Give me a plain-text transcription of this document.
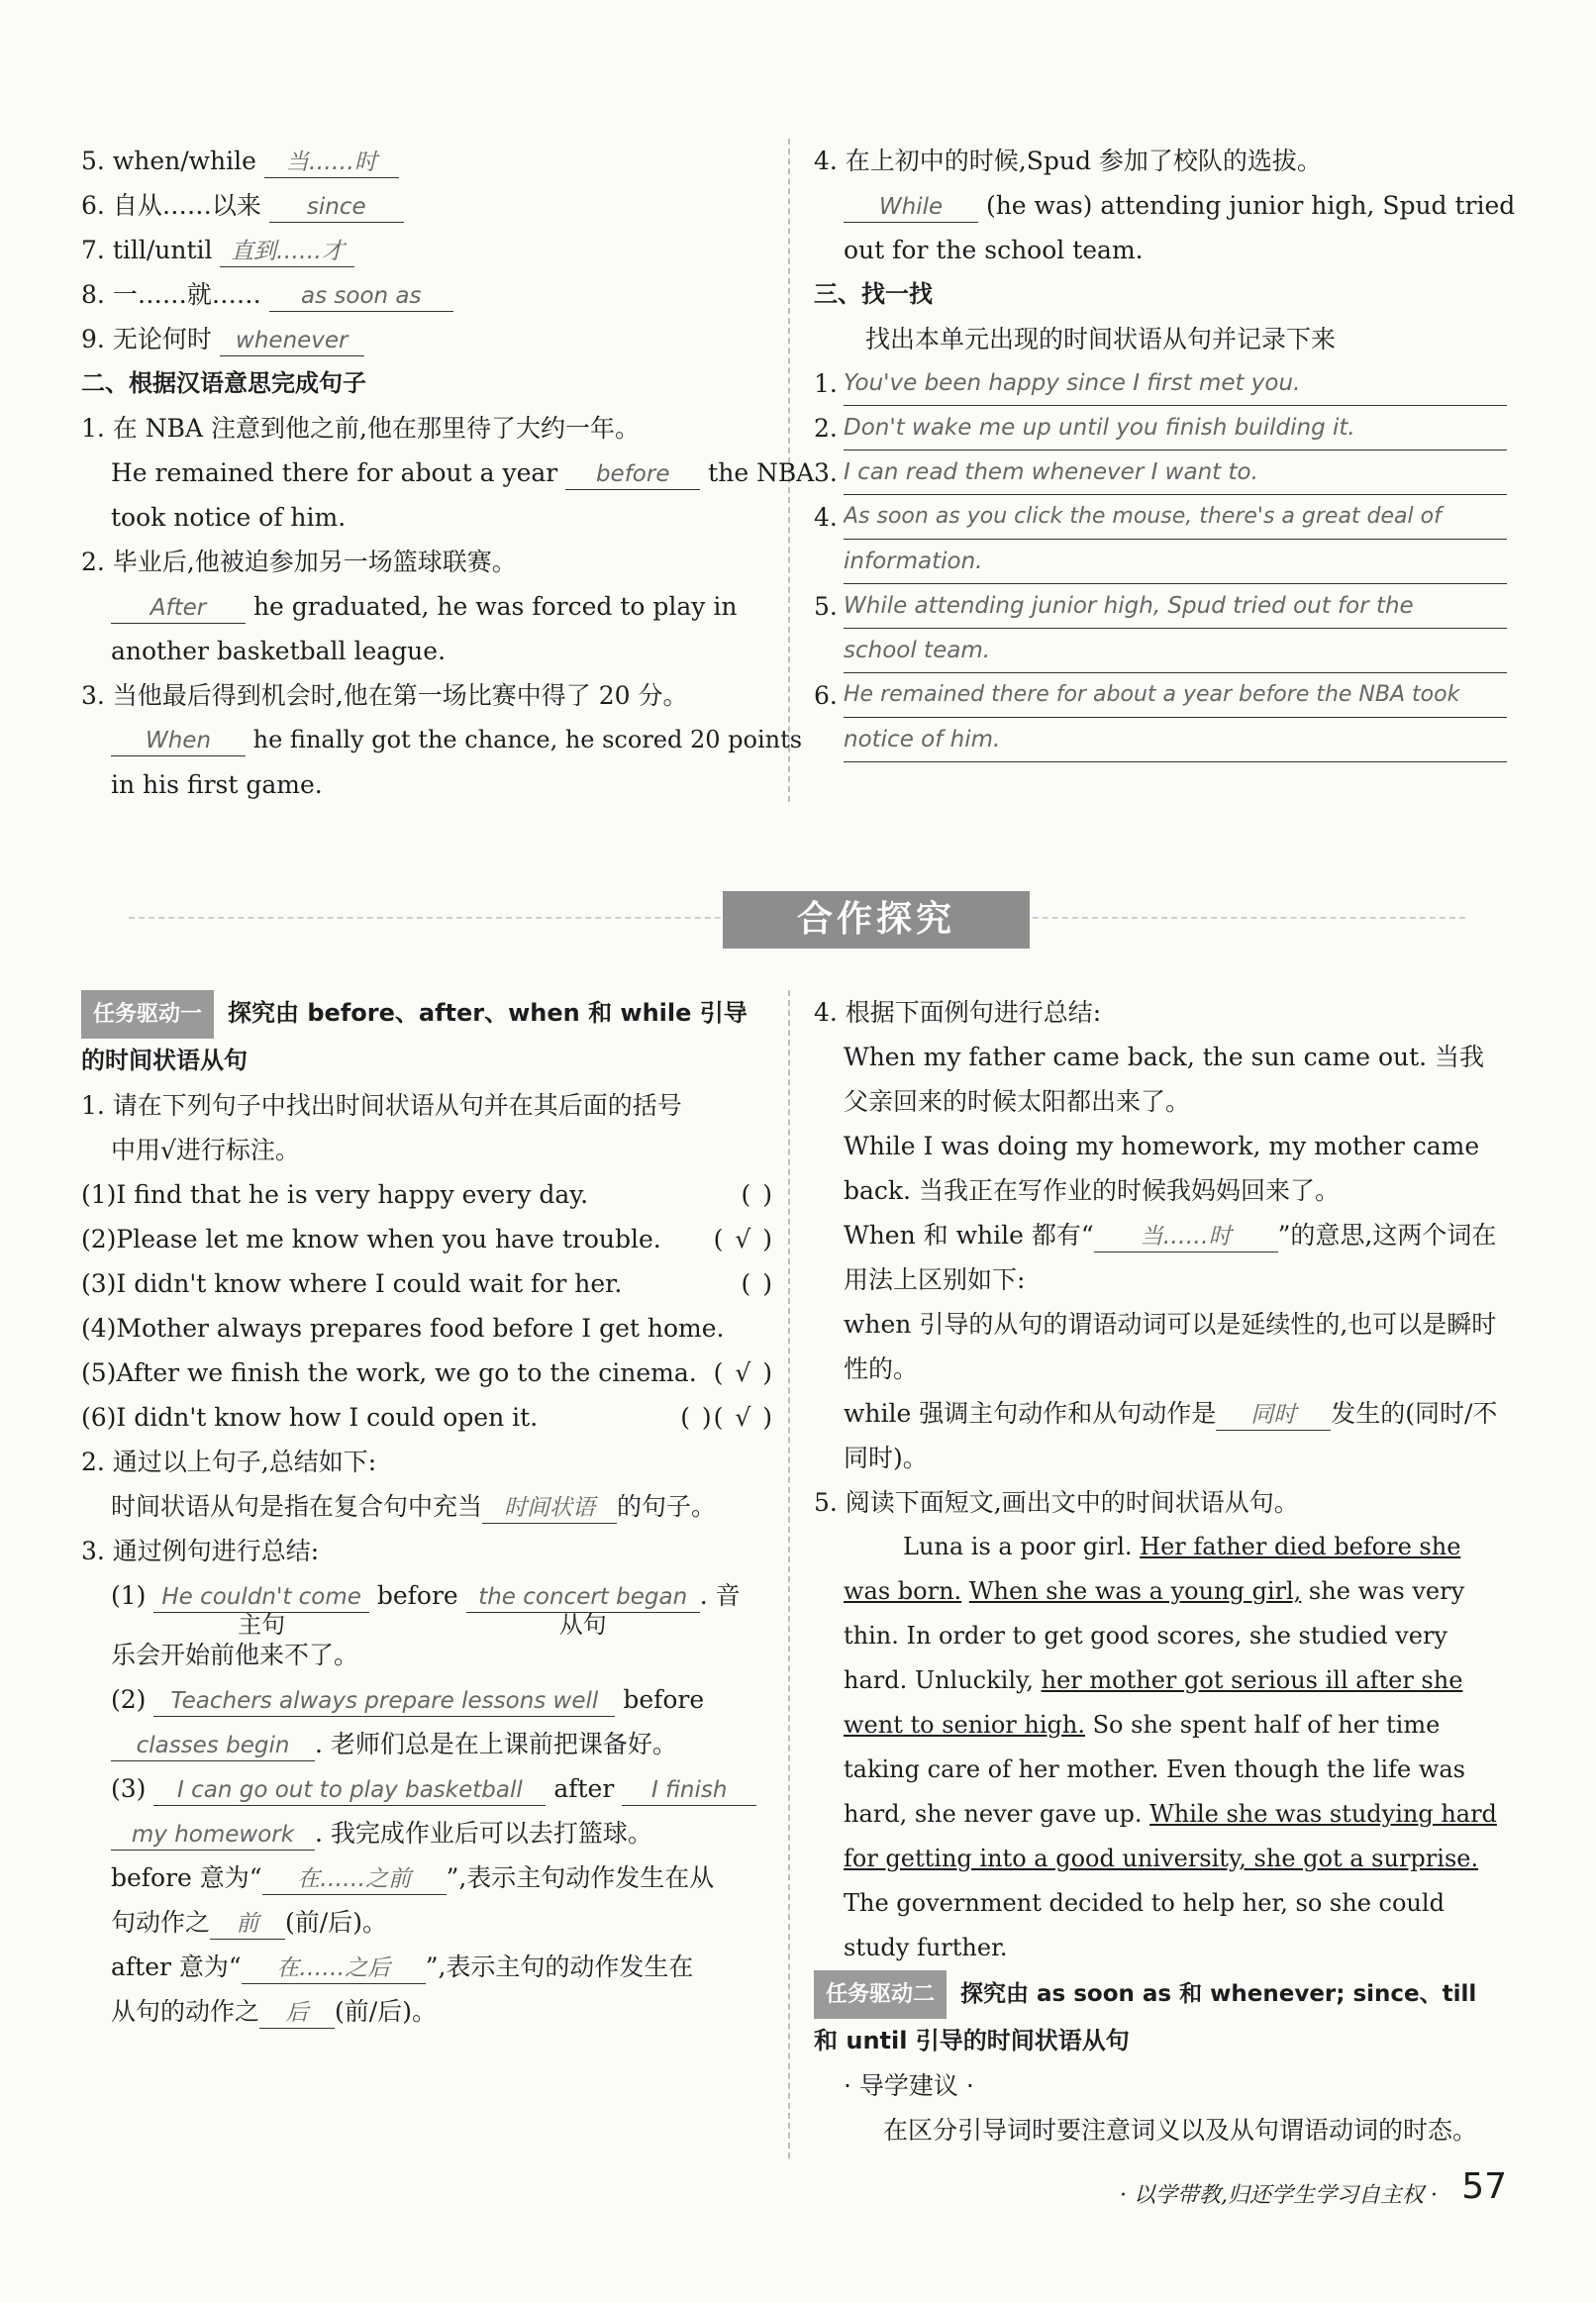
5. when/while 当……时
6. 自从……以来 since
7. till/until 直到……才
8. 一……就…… as soon as
9. 无论何时 whenever
二、根据汉语意思完成句子
1. 在 NBA 注意到他之前,他在那里待了大约一年。
He remained there for about a year before the NBA
took notice of him.
2. 毕业后,他被迫参加另一场篮球联赛。
After he graduated, he was forced to play in
another basketball league.
3. 当他最后得到机会时,他在第一场比赛中得了 20 分。
When he finally got the chance, he scored 20 points
in his first game.
4. 在上初中的时候,Spud 参加了校队的选拔。
While (he was) attending junior high, Spud tried
out for the school team.
三、找一找
找出本单元出现的时间状语从句并记录下来
1. You've been happy since I first met you.
2. Don't wake me up until you finish building it.
3. I can read them whenever I want to.
4. As soon as you click the mouse, there's a great deal of
information.
5. While attending junior high, Spud tried out for the
school team.
6. He remained there for about a year before the NBA took
notice of him.
合作探究
任务驱动一 探究由 before、after、when 和 while 引导
的时间状语从句
1. 请在下列句子中找出时间状语从句并在其后面的括号
中用√进行标注。
(1)I find that he is very happy every day.	( )
(2)Please let me know when you have trouble. ( √ )
(3)I didn't know where I could wait for her.	( )
(4)Mother always prepares food before I get home.
( √ )
(5)After we finish the work, we go to the cinema.
( √ )
(6)I didn't know how I could open it.	( )
2. 通过以上句子,总结如下:
时间状语从句是指在复合句中充当 时间状语 的句子。
3. 通过例句进行总结:
(1) He couldn't come
主句
before the concert began
从句
. 音
乐会开始前他来不了。
(2) Teachers always prepare lessons well before
classes begin . 老师们总是在上课前把课备好。
(3) I can go out to play basketball after I finish
my homework . 我完成作业后可以去打篮球。
before 意为“ 在……之前 ”,表示主句动作发生在从
句动作之 前 (前/后)。
after 意为“ 在……之后 ”,表示主句的动作发生在
从句的动作之 后 (前/后)。
4. 根据下面例句进行总结:
When my father came back, the sun came out. 当我父亲回来的时候太阳都出来了。
While I was doing my homework, my mother came back. 当我正在写作业的时候我妈妈回来了。
When 和 while 都有“ 当……时 ”的意思,这两个词在用法上区别如下:
when 引导的从句的谓语动词可以是延续性的,也可以是瞬时性的。
while 强调主句动作和从句动作是 同时 发生的(同时/不同时)。
5. 阅读下面短文,画出文中的时间状语从句。
Luna is a poor girl. Her father died before she was born. When she was a young girl, she was very thin. In order to get good scores, she studied very hard. Unluckily, her mother got serious ill after she went to senior high. So she spent half of her time taking care of her mother. Even though the life was hard, she never gave up. While she was studying hard for getting into a good university, she got a surprise. The government decided to help her, so she could study further.
任务驱动二 探究由 as soon as 和 whenever; since、till
和 until 引导的时间状语从句
· 导学建议 ·
在区分引导词时要注意词义以及从句谓语动词的时态。
· 以学带教,归还学生学习自主权 · 57
